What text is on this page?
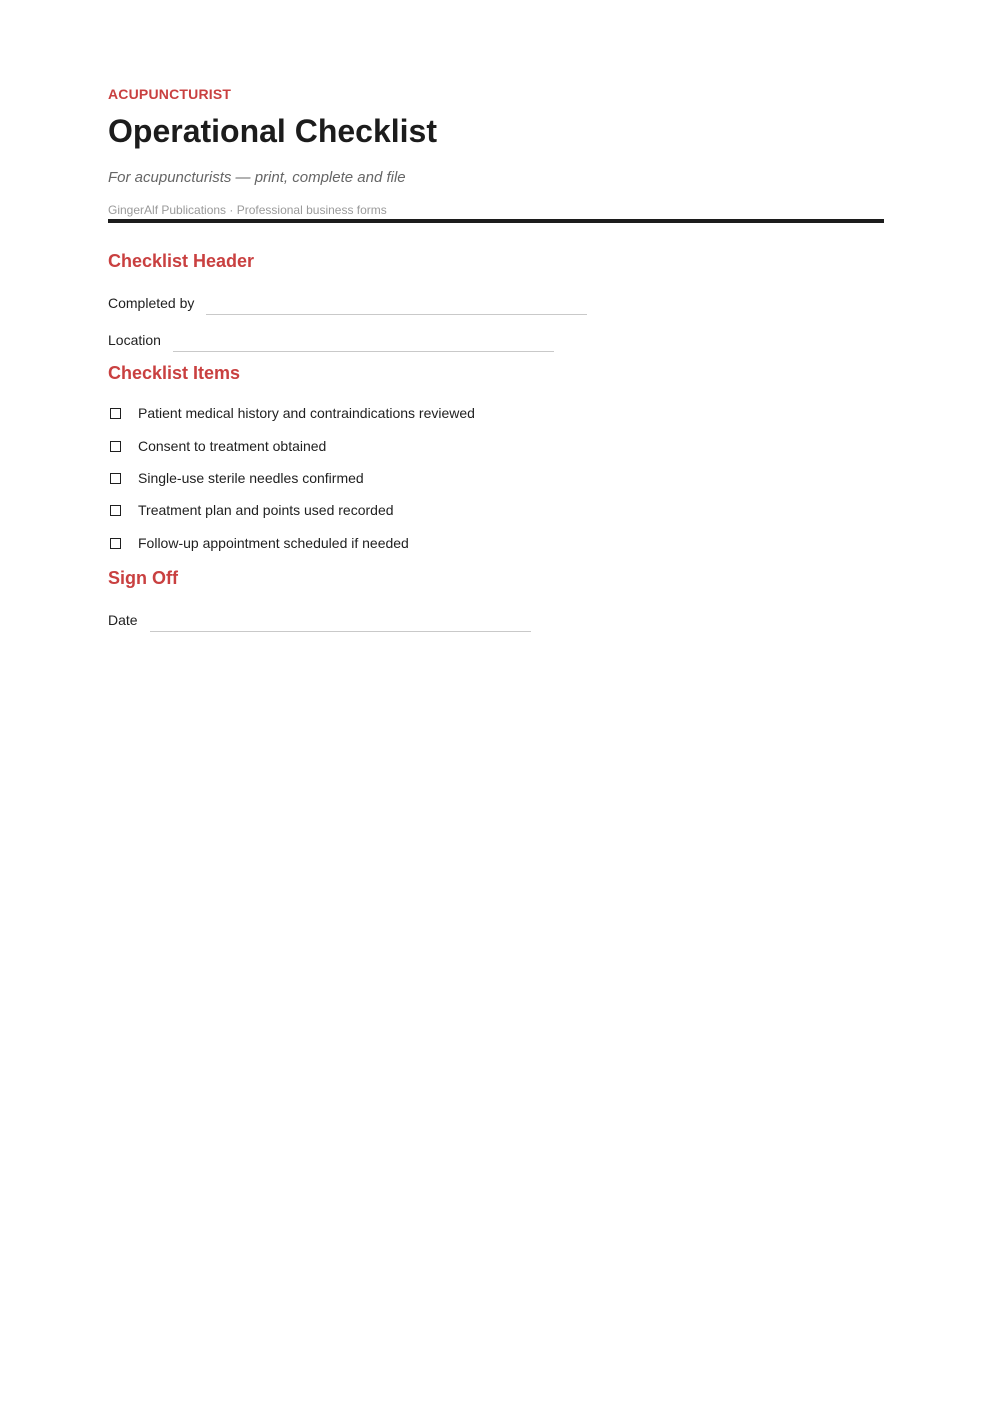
ACUPUNCTURIST
Operational Checklist
For acupuncturists — print, complete and file
GingerAlf Publications · Professional business forms
Checklist Header
Completed by
Location
Checklist Items
Patient medical history and contraindications reviewed
Consent to treatment obtained
Single-use sterile needles confirmed
Treatment plan and points used recorded
Follow-up appointment scheduled if needed
Sign Off
Date
